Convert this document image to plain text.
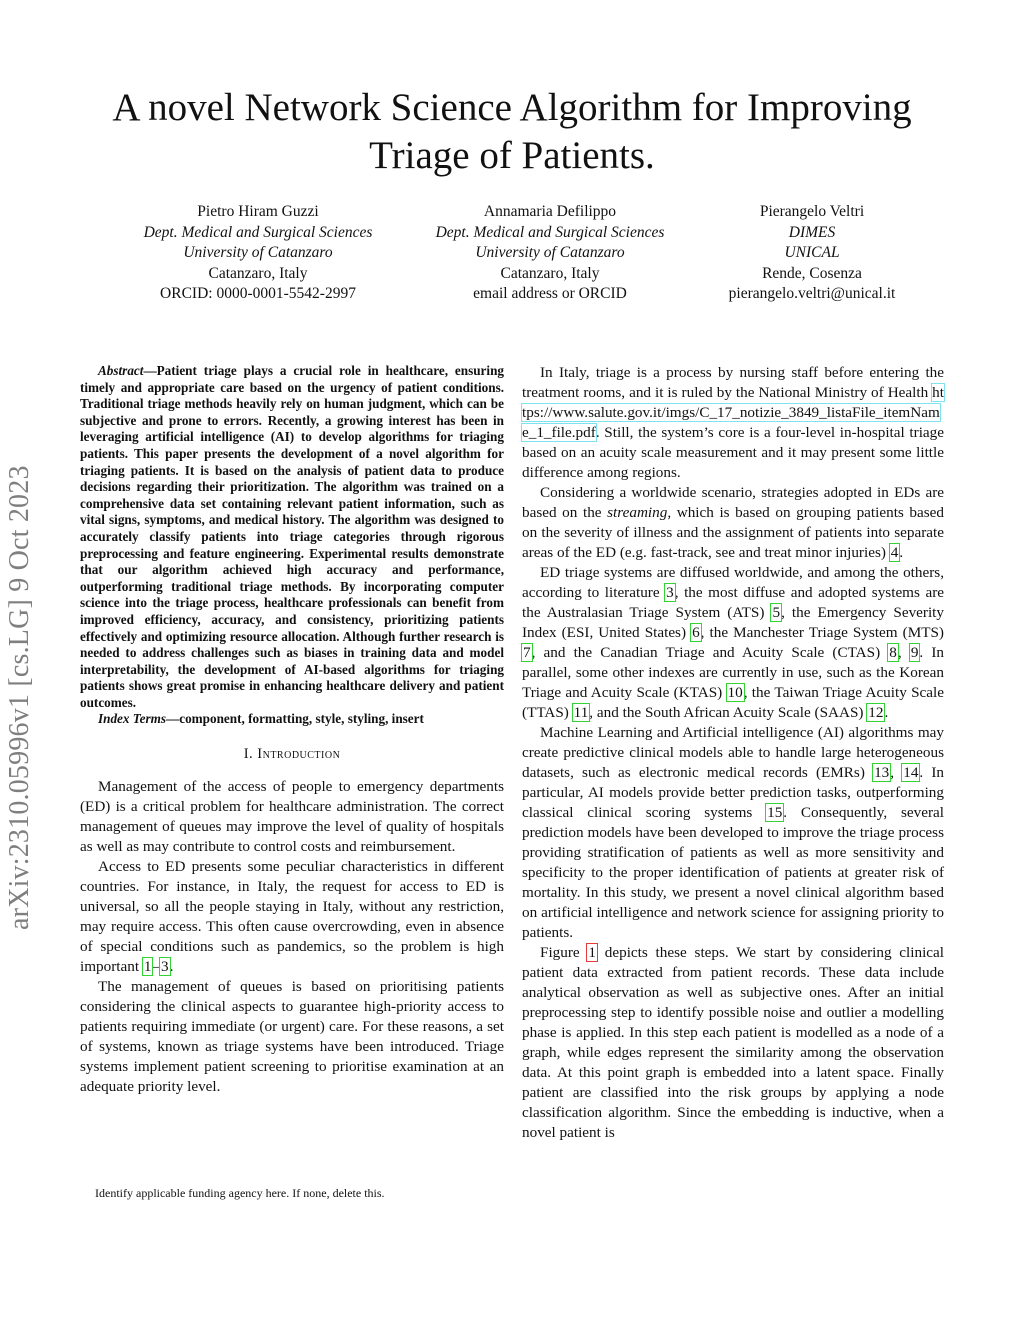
A novel Network Science Algorithm for Improving Triage of Patients.
Pietro Hiram Guzzi
Dept. Medical and Surgical Sciences
University of Catanzaro
Catanzaro, Italy
ORCID: 0000-0001-5542-2997
Annamaria Defilippo
Dept. Medical and Surgical Sciences
University of Catanzaro
Catanzaro, Italy
email address or ORCID
Pierangelo Veltri
DIMES
UNICAL
Rende, Cosenza
pierangelo.veltri@unical.it
arXiv:2310.05996v1 [cs.LG] 9 Oct 2023

Abstract—Patient triage plays a crucial role in healthcare, ensuring timely and appropriate care based on the urgency of patient conditions. Traditional triage methods heavily rely on human judgment, which can be subjective and prone to errors. Recently, a growing interest has been in leveraging artificial intelligence (AI) to develop algorithms for triaging patients. This paper presents the development of a novel algorithm for triaging patients. It is based on the analysis of patient data to produce decisions regarding their prioritization. The algorithm was trained on a comprehensive data set containing relevant patient information, such as vital signs, symptoms, and medical history. The algorithm was designed to accurately classify patients into triage categories through rigorous preprocessing and feature engineering. Experimental results demonstrate that our algorithm achieved high accuracy and performance, outperforming traditional triage methods. By incorporating computer science into the triage process, healthcare professionals can benefit from improved efficiency, accuracy, and consistency, prioritizing patients effectively and optimizing resource allocation. Although further research is needed to address challenges such as biases in training data and model interpretability, the development of AI-based algorithms for triaging patients shows great promise in enhancing healthcare delivery and patient outcomes.

Index Terms—component, formatting, style, styling, insert

I. Introduction

Management of the access of people to emergency departments (ED) is a critical problem for healthcare administration. The correct management of queues may improve the level of quality of hospitals as well as may contribute to control costs and reimbursement.

Access to ED presents some peculiar characteristics in different countries. For instance, in Italy, the request for access to ED is universal, so all the people staying in Italy, without any restriction, may require access. This often cause overcrowding, even in absence of special conditions such as pandemics, so the problem is high important 1–3.

The management of queues is based on prioritising patients considering the clinical aspects to guarantee high-priority access to patients requiring immediate (or urgent) care. For these reasons, a set of systems, known as triage systems have been introduced. Triage systems implement patient screening to prioritise examination at an adequate priority level.

Identify applicable funding agency here. If none, delete this.

In Italy, triage is a process by nursing staff before entering the treatment rooms, and it is ruled by the National Ministry of Health https://www.salute.gov.it/imgs/C_17_notizie_3849_listaFile_itemName_1_file.pdf. Still, the system’s core is a four-level in-hospital triage based on an acuity scale measurement and it may present some little difference among regions.

Considering a worldwide scenario, strategies adopted in EDs are based on the streaming, which is based on grouping patients based on the severity of illness and the assignment of patients into separate areas of the ED (e.g. fast-track, see and treat minor injuries) 4.

ED triage systems are diffused worldwide, and among the others, according to literature 3, the most diffuse and adopted systems are the Australasian Triage System (ATS) 5, the Emergency Severity Index (ESI, United States) 6, the Manchester Triage System (MTS) 7, and the Canadian Triage and Acuity Scale (CTAS) 8, 9. In parallel, some other indexes are currently in use, such as the Korean Triage and Acuity Scale (KTAS) 10, the Taiwan Triage Acuity Scale (TTAS) 11, and the South African Acuity Scale (SAAS) 12.

Machine Learning and Artificial intelligence (AI) algorithms may create predictive clinical models able to handle large heterogeneous datasets, such as electronic medical records (EMRs) 13, 14. In particular, AI models provide better prediction tasks, outperforming classical clinical scoring systems 15. Consequently, several prediction models have been developed to improve the triage process providing stratification of patients as well as more sensitivity and specificity to the proper identification of patients at greater risk of mortality. In this study, we present a novel clinical algorithm based on artificial intelligence and network science for assigning priority to patients.

Figure 1 depicts these steps. We start by considering clinical patient data extracted from patient records. These data include analytical observation as well as subjective ones. After an initial preprocessing step to identify possible noise and outlier a modelling phase is applied. In this step each patient is modelled as a node of a graph, while edges represent the similarity among the observation data. At this point graph is embedded into a latent space. Finally patient are classified into the risk groups by applying a node classification algorithm. Since the embedding is inductive, when a novel patient is
